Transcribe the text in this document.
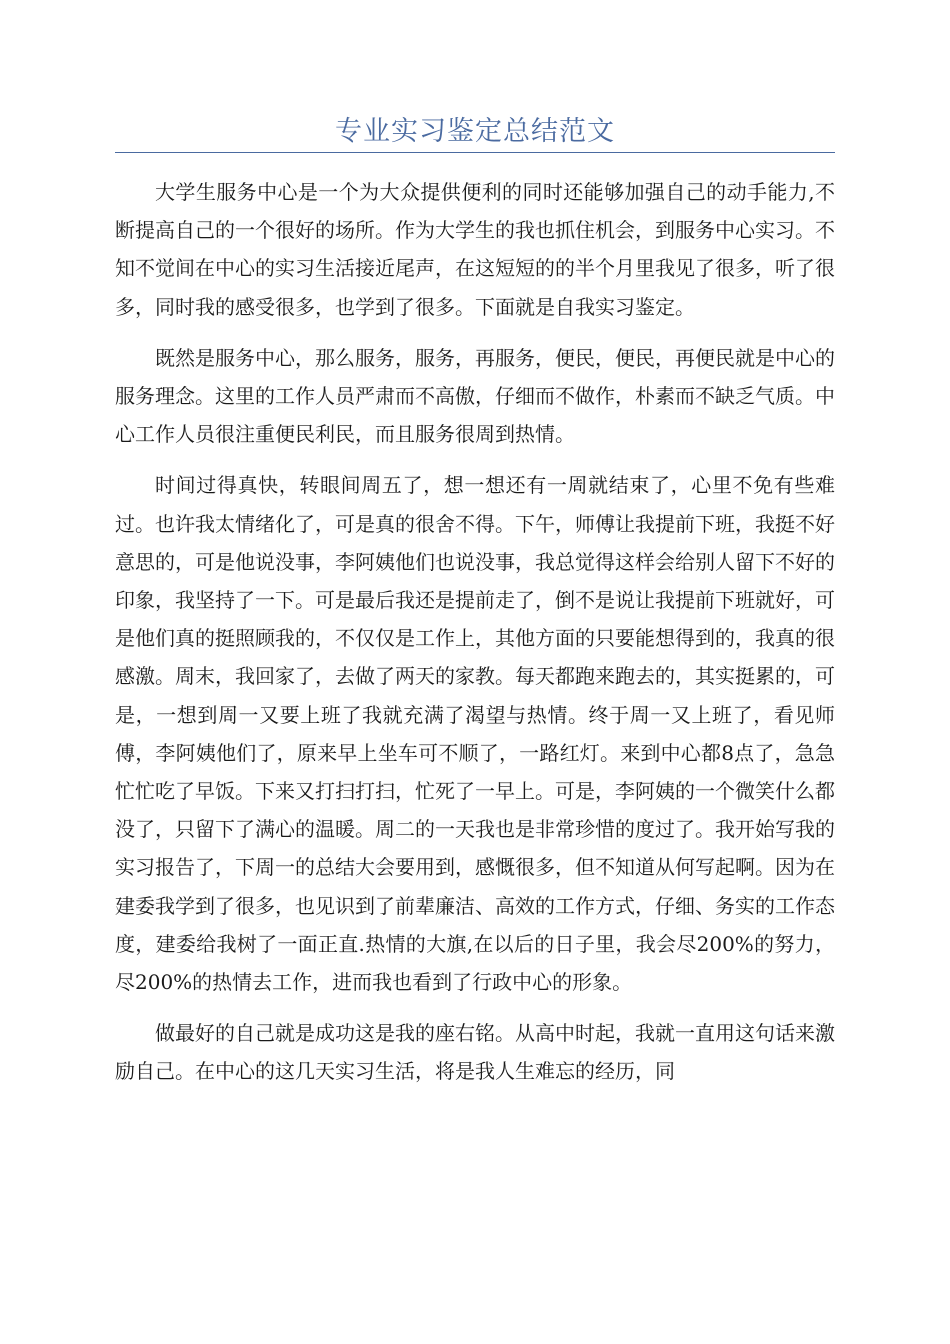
专业实习鉴定总结范文

大学生服务中心是一个为大众提供便利的同时还能够加强自己的动手能力,不断提高自己的一个很好的场所。作为大学生的我也抓住机会，到服务中心实习。不知不觉间在中心的实习生活接近尾声，在这短短的的半个月里我见了很多，听了很多，同时我的感受很多，也学到了很多。下面就是自我实习鉴定。

既然是服务中心，那么服务，服务，再服务，便民，便民，再便民就是中心的服务理念。这里的工作人员严肃而不高傲，仔细而不做作，朴素而不缺乏气质。中心工作人员很注重便民利民，而且服务很周到热情。

时间过得真快，转眼间周五了，想一想还有一周就结束了，心里不免有些难过。也许我太情绪化了，可是真的很舍不得。下午，师傅让我提前下班，我挺不好意思的，可是他说没事，李阿姨他们也说没事，我总觉得这样会给别人留下不好的印象，我坚持了一下。可是最后我还是提前走了，倒不是说让我提前下班就好，可是他们真的挺照顾我的，不仅仅是工作上，其他方面的只要能想得到的，我真的很感激。周末，我回家了，去做了两天的家教。每天都跑来跑去的，其实挺累的，可是，一想到周一又要上班了我就充满了渴望与热情。终于周一又上班了，看见师傅，李阿姨他们了，原来早上坐车可不顺了，一路红灯。来到中心都8点了，急急忙忙吃了早饭。下来又打扫打扫，忙死了一早上。可是，李阿姨的一个微笑什么都没了，只留下了满心的温暖。周二的一天我也是非常珍惜的度过了。我开始写我的实习报告了，下周一的总结大会要用到，感慨很多，但不知道从何写起啊。因为在建委我学到了很多，也见识到了前辈廉洁、高效的工作方式，仔细、务实的工作态度，建委给我树了一面正直.热情的大旗,在以后的日子里，我会尽200%的努力，尽200%的热情去工作，进而我也看到了行政中心的形象。

做最好的自己就是成功这是我的座右铭。从高中时起，我就一直用这句话来激励自己。在中心的这几天实习生活，将是我人生难忘的经历，同
